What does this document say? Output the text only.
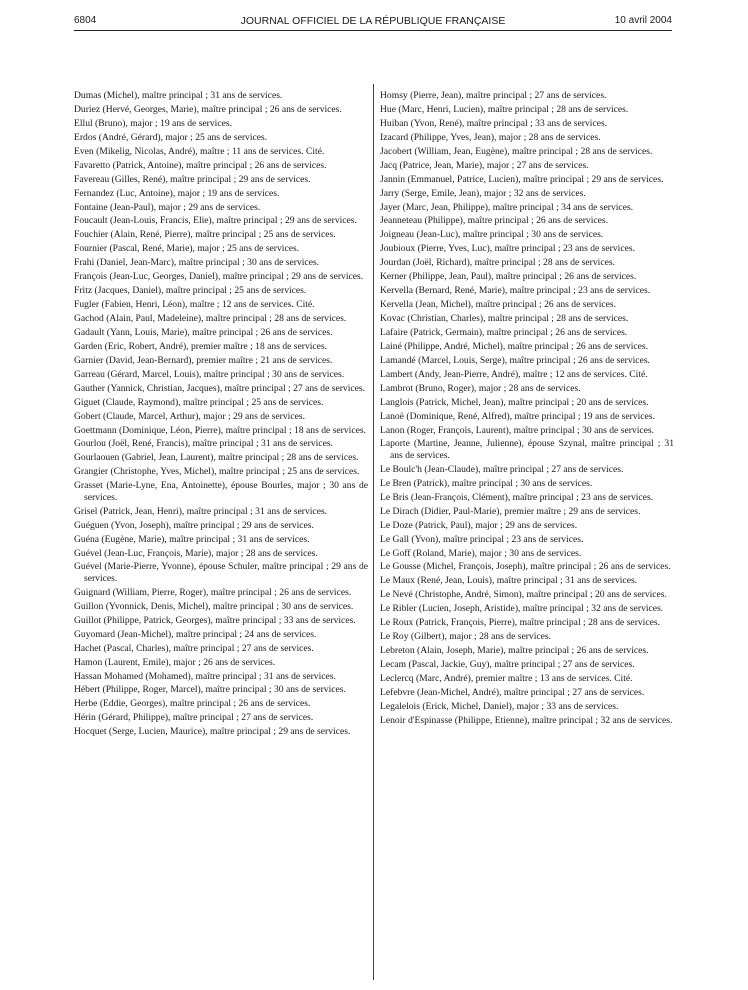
6804	JOURNAL OFFICIEL DE LA RÉPUBLIQUE FRANÇAISE	10 avril 2004

Dumas (Michel), maître principal ; 31 ans de services.

Duriez (Hervé, Georges, Marie), maître principal ; 26 ans de services.

Ellul (Bruno), major ; 19 ans de services.

Erdos (André, Gérard), major ; 25 ans de services.

Even (Mikelig, Nicolas, André), maître ; 11 ans de services. Cité.

Favaretto (Patrick, Antoine), maître principal ; 26 ans de services.

Favereau (Gilles, René), maître principal ; 29 ans de services.

Fernandez (Luc, Antoine), major ; 19 ans de services.

Fontaine (Jean-Paul), major ; 29 ans de services.

Foucault (Jean-Louis, Francis, Elie), maître principal ; 29 ans de services.

Fouchier (Alain, René, Pierre), maître principal ; 25 ans de services.

Fournier (Pascal, René, Marie), major ; 25 ans de services.

Frahi (Daniel, Jean-Marc), maître principal ; 30 ans de services.

François (Jean-Luc, Georges, Daniel), maître principal ; 29 ans de services.

Fritz (Jacques, Daniel), maître principal ; 25 ans de services.

Fugler (Fabien, Henri, Léon), maître ; 12 ans de services. Cité.

Gachod (Alain, Paul, Madeleine), maître principal ; 28 ans de services.

Gadault (Yann, Louis, Marie), maître principal ; 26 ans de services.

Garden (Eric, Robert, André), premier maître ; 18 ans de services.

Garnier (David, Jean-Bernard), premier maître ; 21 ans de services.

Garreau (Gérard, Marcel, Louis), maître principal ; 30 ans de services.

Gauther (Yannick, Christian, Jacques), maître principal ; 27 ans de services.

Giguet (Claude, Raymond), maître principal ; 25 ans de services.

Gobert (Claude, Marcel, Arthur), major ; 29 ans de services.

Goettmann (Dominique, Léon, Pierre), maître principal ; 18 ans de services.

Gourlou (Joël, René, Francis), maître principal ; 31 ans de services.

Gourlaouen (Gabriel, Jean, Laurent), maître principal ; 28 ans de services.

Grangier (Christophe, Yves, Michel), maître principal ; 25 ans de services.

Grasset (Marie-Lyne, Ena, Antoinette), épouse Bourles, major ; 30 ans de services.

Grisel (Patrick, Jean, Henri), maître principal ; 31 ans de services.

Guéguen (Yvon, Joseph), maître principal ; 29 ans de services.

Guéna (Eugène, Marie), maître principal ; 31 ans de services.

Guével (Jean-Luc, François, Marie), major ; 28 ans de services.

Guével (Marie-Pierre, Yvonne), épouse Schuler, maître principal ; 29 ans de services.

Guignard (William, Pierre, Roger), maître principal ; 26 ans de services.

Guillon (Yvonnick, Denis, Michel), maître principal ; 30 ans de services.

Guillot (Philippe, Patrick, Georges), maître principal ; 33 ans de services.

Guyomard (Jean-Michel), maître principal ; 24 ans de services.

Hachet (Pascal, Charles), maître principal ; 27 ans de services.

Hamon (Laurent, Emile), major ; 26 ans de services.

Hassan Mohamed (Mohamed), maître principal ; 31 ans de services.

Hébert (Philippe, Roger, Marcel), maître principal ; 30 ans de services.

Herbe (Eddie, Georges), maître principal ; 26 ans de services.

Hérin (Gérard, Philippe), maître principal ; 27 ans de services.

Hocquet (Serge, Lucien, Maurice), maître principal ; 29 ans de services.

Homsy (Pierre, Jean), maître principal ; 27 ans de services.

Hue (Marc, Henri, Lucien), maître principal ; 28 ans de services.

Huiban (Yvon, René), maître principal ; 33 ans de services.

Izacard (Philippe, Yves, Jean), major ; 28 ans de services.

Jacobert (William, Jean, Eugène), maître principal ; 28 ans de services.

Jacq (Patrice, Jean, Marie), major ; 27 ans de services.

Jannin (Emmanuel, Patrice, Lucien), maître principal ; 29 ans de services.

Jarry (Serge, Emile, Jean), major ; 32 ans de services.

Jayer (Marc, Jean, Philippe), maître principal ; 34 ans de services.

Jeanneteau (Philippe), maître principal ; 26 ans de services.

Joigneau (Jean-Luc), maître principal ; 30 ans de services.

Joubioux (Pierre, Yves, Luc), maître principal ; 23 ans de services.

Jourdan (Joël, Richard), maître principal ; 28 ans de services.

Kerner (Philippe, Jean, Paul), maître principal ; 26 ans de services.

Kervella (Bernard, René, Marie), maître principal ; 23 ans de services.

Kervella (Jean, Michel), maître principal ; 26 ans de services.

Kovac (Christian, Charles), maître principal ; 28 ans de services.

Lafaire (Patrick, Germain), maître principal ; 26 ans de services.

Lainé (Philippe, André, Michel), maître principal ; 26 ans de services.

Lamandé (Marcel, Louis, Serge), maître principal ; 26 ans de services.

Lambert (Andy, Jean-Pierre, André), maître ; 12 ans de services. Cité.

Lambrot (Bruno, Roger), major ; 28 ans de services.

Langlois (Patrick, Michel, Jean), maître principal ; 20 ans de services.

Lanoë (Dominique, René, Alfred), maître principal ; 19 ans de services.

Lanon (Roger, François, Laurent), maître principal ; 30 ans de services.

Laporte (Martine, Jeanne, Julienne), épouse Szynal, maître principal ; 31 ans de services.

Le Boulc'h (Jean-Claude), maître principal ; 27 ans de services.

Le Bren (Patrick), maître principal ; 30 ans de services.

Le Bris (Jean-François, Clément), maître principal ; 23 ans de services.

Le Dirach (Didier, Paul-Marie), premier maître ; 29 ans de services.

Le Doze (Patrick, Paul), major ; 29 ans de services.

Le Gall (Yvon), maître principal ; 23 ans de services.

Le Goff (Roland, Marie), major ; 30 ans de services.

Le Gousse (Michel, François, Joseph), maître principal ; 26 ans de services.

Le Maux (René, Jean, Louis), maître principal ; 31 ans de services.

Le Nevé (Christophe, André, Simon), maître principal ; 20 ans de services.

Le Ribler (Lucien, Joseph, Aristide), maître principal ; 32 ans de services.

Le Roux (Patrick, François, Pierre), maître principal ; 28 ans de services.

Le Roy (Gilbert), major ; 28 ans de services.

Lebreton (Alain, Joseph, Marie), maître principal ; 26 ans de services.

Lecam (Pascal, Jackie, Guy), maître principal ; 27 ans de services.

Leclercq (Marc, André), premier maître ; 13 ans de services. Cité.

Lefebvre (Jean-Michel, André), maître principal ; 27 ans de services.

Legalelois (Erick, Michel, Daniel), major ; 33 ans de services.

Lenoir d'Espinasse (Philippe, Etienne), maître principal ; 32 ans de services.
